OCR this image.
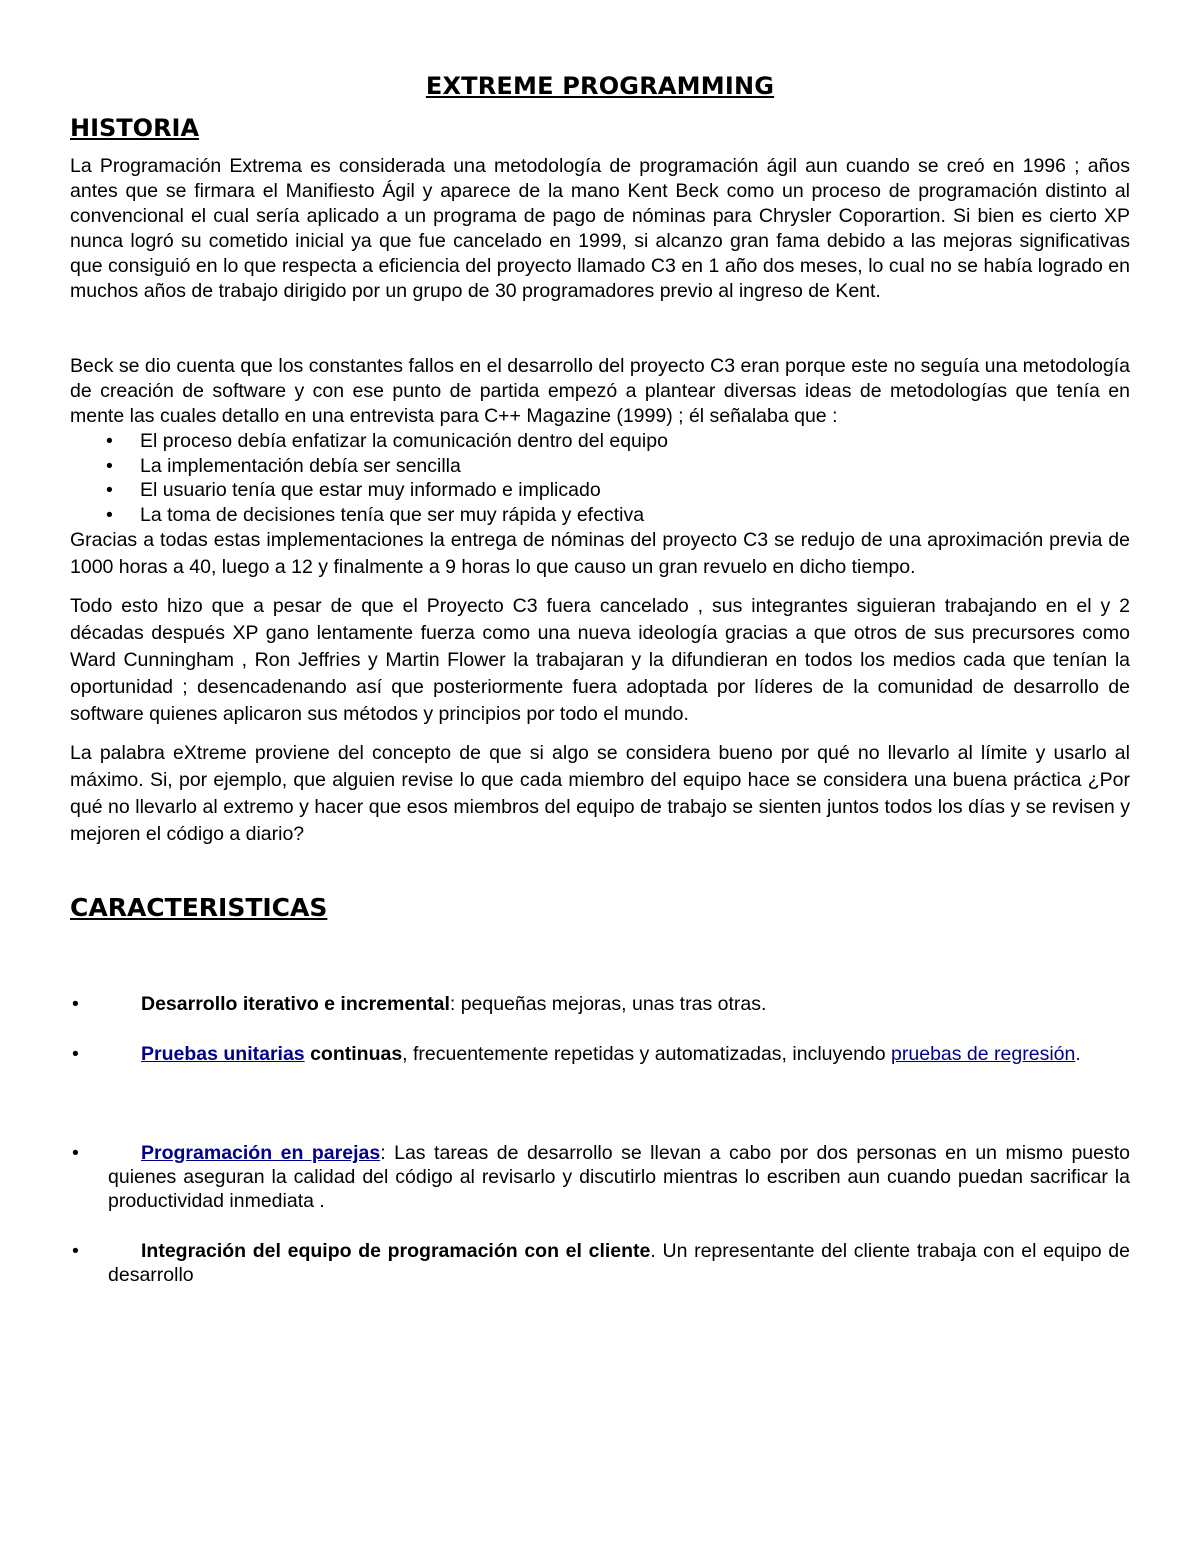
EXTREME PROGRAMMING
HISTORIA

La Programación Extrema es considerada una metodología de programación ágil aun cuando se creó en 1996 ; años antes que se firmara el Manifiesto Ágil y aparece de la mano Kent Beck como un proceso de programación distinto al convencional el cual sería aplicado a un programa de pago de nóminas para Chrysler Coporartion. Si bien es cierto XP nunca logró su cometido inicial ya que fue cancelado en 1999, si alcanzo gran fama debido a las mejoras significativas que consiguió en lo que respecta a eficiencia del proyecto llamado C3 en 1 año dos meses, lo cual no se había logrado en muchos años de trabajo dirigido por un grupo de 30 programadores previo al ingreso de Kent.

Beck se dio cuenta que los constantes fallos en el desarrollo del proyecto C3 eran porque este no seguía una metodología de creación de software y con ese punto de partida empezó a plantear diversas ideas de metodologías que tenía en mente las cuales detallo en una entrevista para C++ Magazine (1999) ; él señalaba que :

• El proceso debía enfatizar la comunicación dentro del equipo
• La implementación debía ser sencilla
• El usuario tenía que estar muy informado e implicado
• La toma de decisiones tenía que ser muy rápida y efectiva

Gracias a todas estas implementaciones la entrega de nóminas del proyecto C3 se redujo de una aproximación previa de 1000 horas a 40, luego a 12 y finalmente a 9 horas lo que causo un gran revuelo en dicho tiempo.

Todo esto hizo que a pesar de que el Proyecto C3 fuera cancelado , sus integrantes siguieran trabajando en el y 2 décadas después XP gano lentamente fuerza como una nueva ideología gracias a que otros de sus precursores como Ward Cunningham , Ron Jeffries y Martin Flower la trabajaran y la difundieran en todos los medios cada que tenían la oportunidad ; desencadenando así que posteriormente fuera adoptada por líderes de la comunidad de desarrollo de software quienes aplicaron sus métodos y principios por todo el mundo.

La palabra eXtreme proviene del concepto de que si algo se considera bueno por qué no llevarlo al límite y usarlo al máximo. Si, por ejemplo, que alguien revise lo que cada miembro del equipo hace se considera una buena práctica ¿Por qué no llevarlo al extremo y hacer que esos miembros del equipo de trabajo se sienten juntos todos los días y se revisen y mejoren el código a diario?

CARACTERISTICAS
•	Desarrollo iterativo e incremental: pequeñas mejoras, unas tras otras.
•	Pruebas unitarias continuas, frecuentemente repetidas y automatizadas, incluyendo pruebas de regresión.
•	Programación en parejas: Las tareas de desarrollo se llevan a cabo por dos personas en un mismo puesto quienes aseguran la calidad del código al revisarlo y discutirlo mientras lo escriben aun cuando puedan sacrificar la productividad inmediata .
•	Integración del equipo de programación con el cliente. Un representante del cliente trabaja con el equipo de desarrollo
